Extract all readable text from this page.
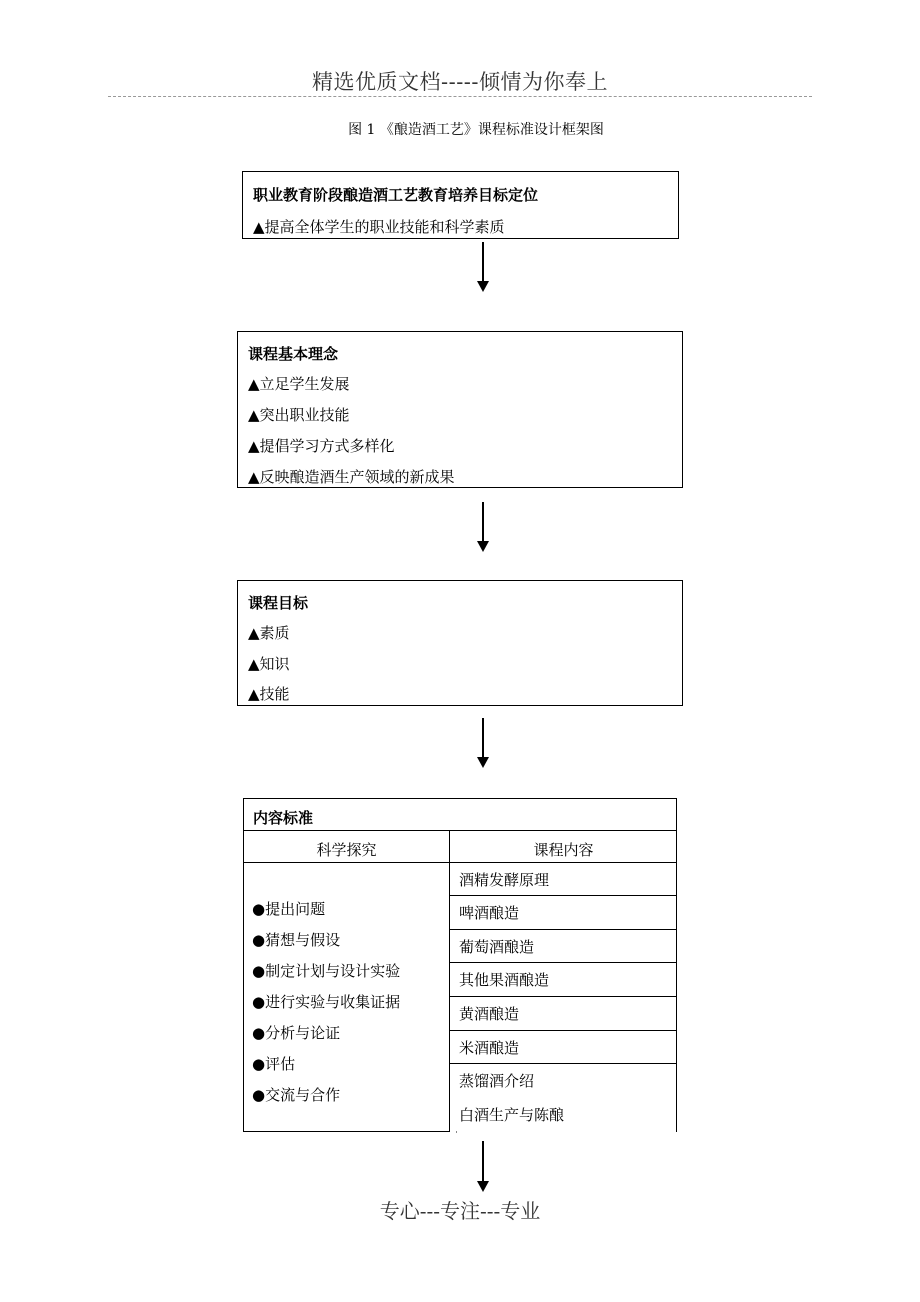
精选优质文档-----倾情为你奉上
图 1 《酿造酒工艺》课程标准设计框架图
职业教育阶段酿造酒工艺教育培养目标定位
▲提高全体学生的职业技能和科学素质
课程基本理念
▲立足学生发展
▲突出职业技能
▲提倡学习方式多样化
▲反映酿造酒生产领域的新成果
课程目标
▲素质
▲知识
▲技能
内容标准
科学探究	课程内容
●提出问题
●猜想与假设
●制定计划与设计实验
●进行实验与收集证据
●分析与论证
●评估
●交流与合作
酒精发酵原理
啤酒酿造
葡萄酒酿造
其他果酒酿造
黄酒酿造
米酒酿造
蒸馏酒介绍
白酒生产与陈酿
专心---专注---专业
